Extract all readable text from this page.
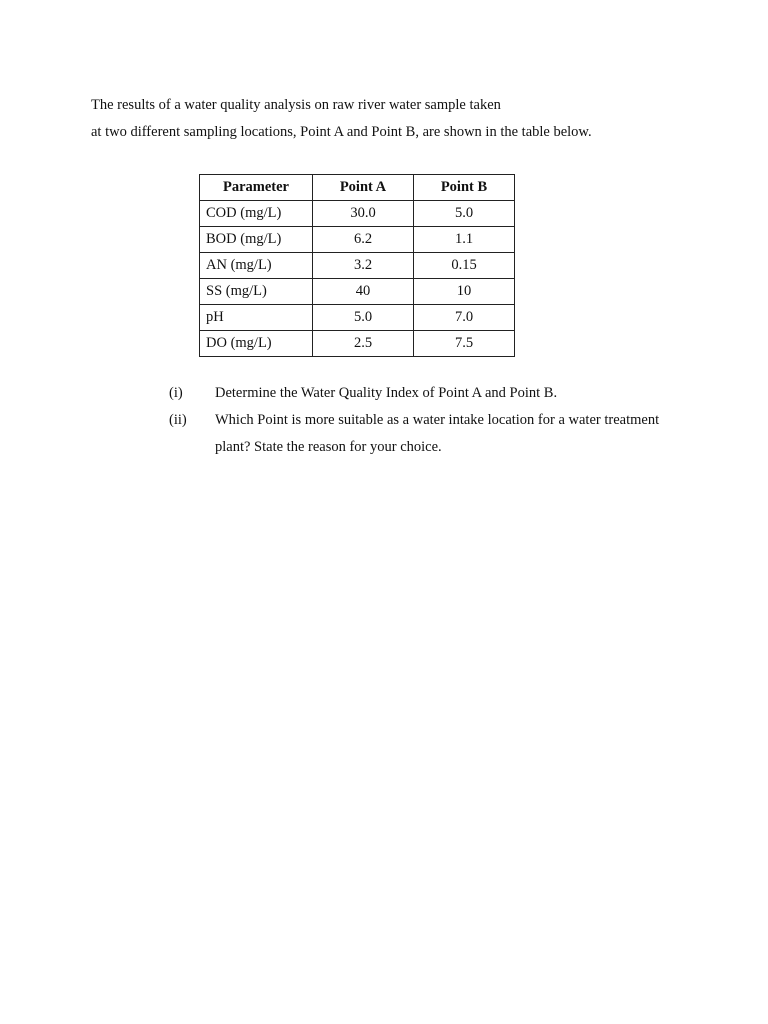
The results of a water quality analysis on raw river water sample taken
at two different sampling locations, Point A and Point B, are shown in the table below.
Parameter	Point A	Point B
COD (mg/L)	30.0	5.0
BOD (mg/L)	6.2	1.1
AN (mg/L)	3.2	0.15
SS (mg/L)	40	10
pH	5.0	7.0
DO (mg/L)	2.5	7.5
(i) Determine the Water Quality Index of Point A and Point B.
(ii) Which Point is more suitable as a water intake location for a water treatment
plant? State the reason for your choice.
